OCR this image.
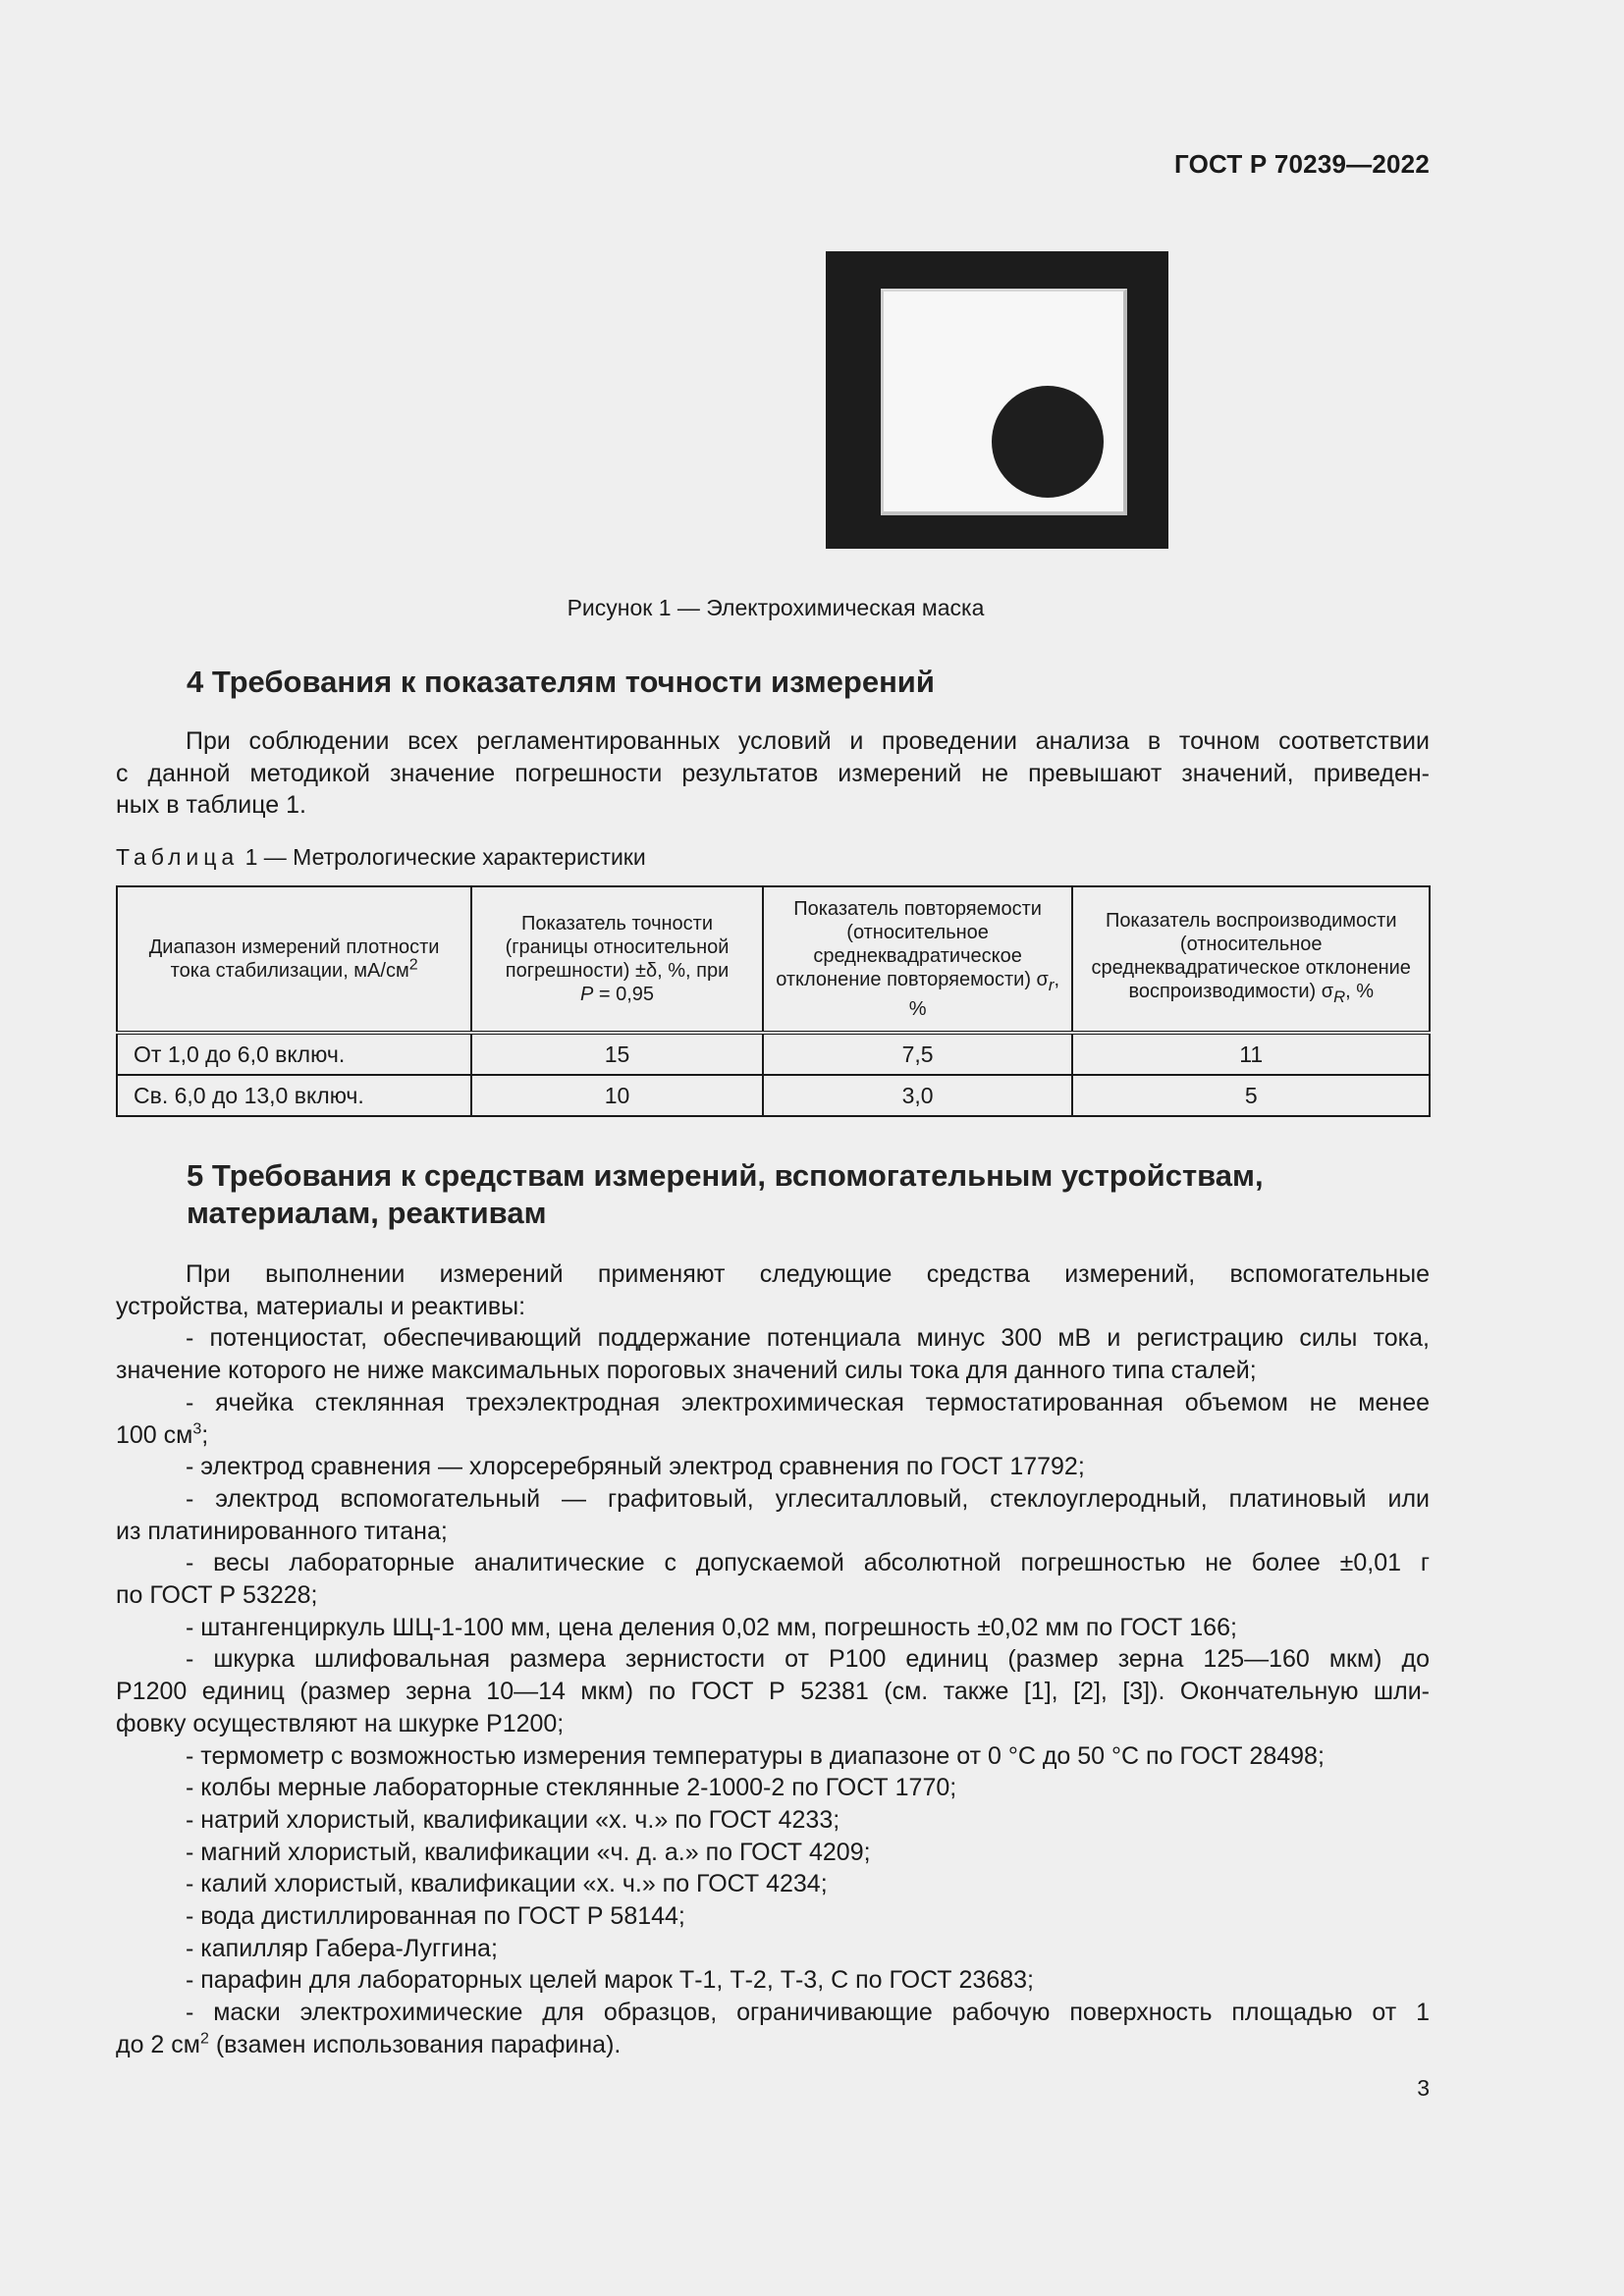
ГОСТ Р 70239—2022
Рисунок 1 — Электрохимическая маска
4 Требования к показателям точности измерений
При соблюдении всех регламентированных условий и проведении анализа в точном соответствии
с данной методикой значение погрешности результатов измерений не превышают значений, приведен-
ных в таблице 1.
Таблица 1 — Метрологические характеристики
Диапазон измерений плотности тока стабилизации, $мА/см^2$	Показатель точности (границы относительной погрешности) ±δ, %, при
P = 0,95	Показатель повторяемости (относительное среднеквадратическое отклонение повторяемости) $\sigma_r$, %	Показатель воспроизводимости (относительное среднеквадратическое отклонение воспроизводимости) $\sigma_R$, %

От 1,0 до 6,0 включ.	15	7,5	11
Св. 6,0 до 13,0 включ.	10	3,0	5
5 Требования к средствам измерений, вспомогательным устройствам,
материалам, реактивам
При выполнении измерений применяют следующие средства измерений, вспомогательные
устройства, материалы и реактивы:
- потенциостат, обеспечивающий поддержание потенциала минус 300 мВ и регистрацию силы тока,
значение которого не ниже максимальных пороговых значений силы тока для данного типа сталей;
- ячейка стеклянная трехэлектродная электрохимическая термостатированная объемом не менее
100 $см^3$;
- электрод сравнения — хлорсеребряный электрод сравнения по ГОСТ 17792;
- электрод вспомогательный — графитовый, углеситалловый, стеклоуглеродный, платиновый или
из платинированного титана;
- весы лабораторные аналитические с допускаемой абсолютной погрешностью не более ±0,01 г
по ГОСТ Р 53228;
- штангенциркуль ШЦ-1-100 мм, цена деления 0,02 мм, погрешность ±0,02 мм по ГОСТ 166;
- шкурка шлифовальная размера зернистости от Р100 единиц (размер зерна 125—160 мкм) до
Р1200 единиц (размер зерна 10—14 мкм) по ГОСТ Р 52381 (см. также [1], [2], [3]). Окончательную шли-
фовку осуществляют на шкурке Р1200;
- термометр с возможностью измерения температуры в диапазоне от 0 °С до 50 °С по ГОСТ 28498;
- колбы мерные лабораторные стеклянные 2-1000-2 по ГОСТ 1770;
- натрий хлористый, квалификации «х. ч.» по ГОСТ 4233;
- магний хлористый, квалификации «ч. д. а.» по ГОСТ 4209;
- калий хлористый, квалификации «х. ч.» по ГОСТ 4234;
- вода дистиллированная по ГОСТ Р 58144;
- капилляр Габера-Луггина;
- парафин для лабораторных целей марок Т-1, Т-2, Т-3, С по ГОСТ 23683;
- маски электрохимические для образцов, ограничивающие рабочую поверхность площадью от 1
до 2 $см^2$ (взамен использования парафина).
3
